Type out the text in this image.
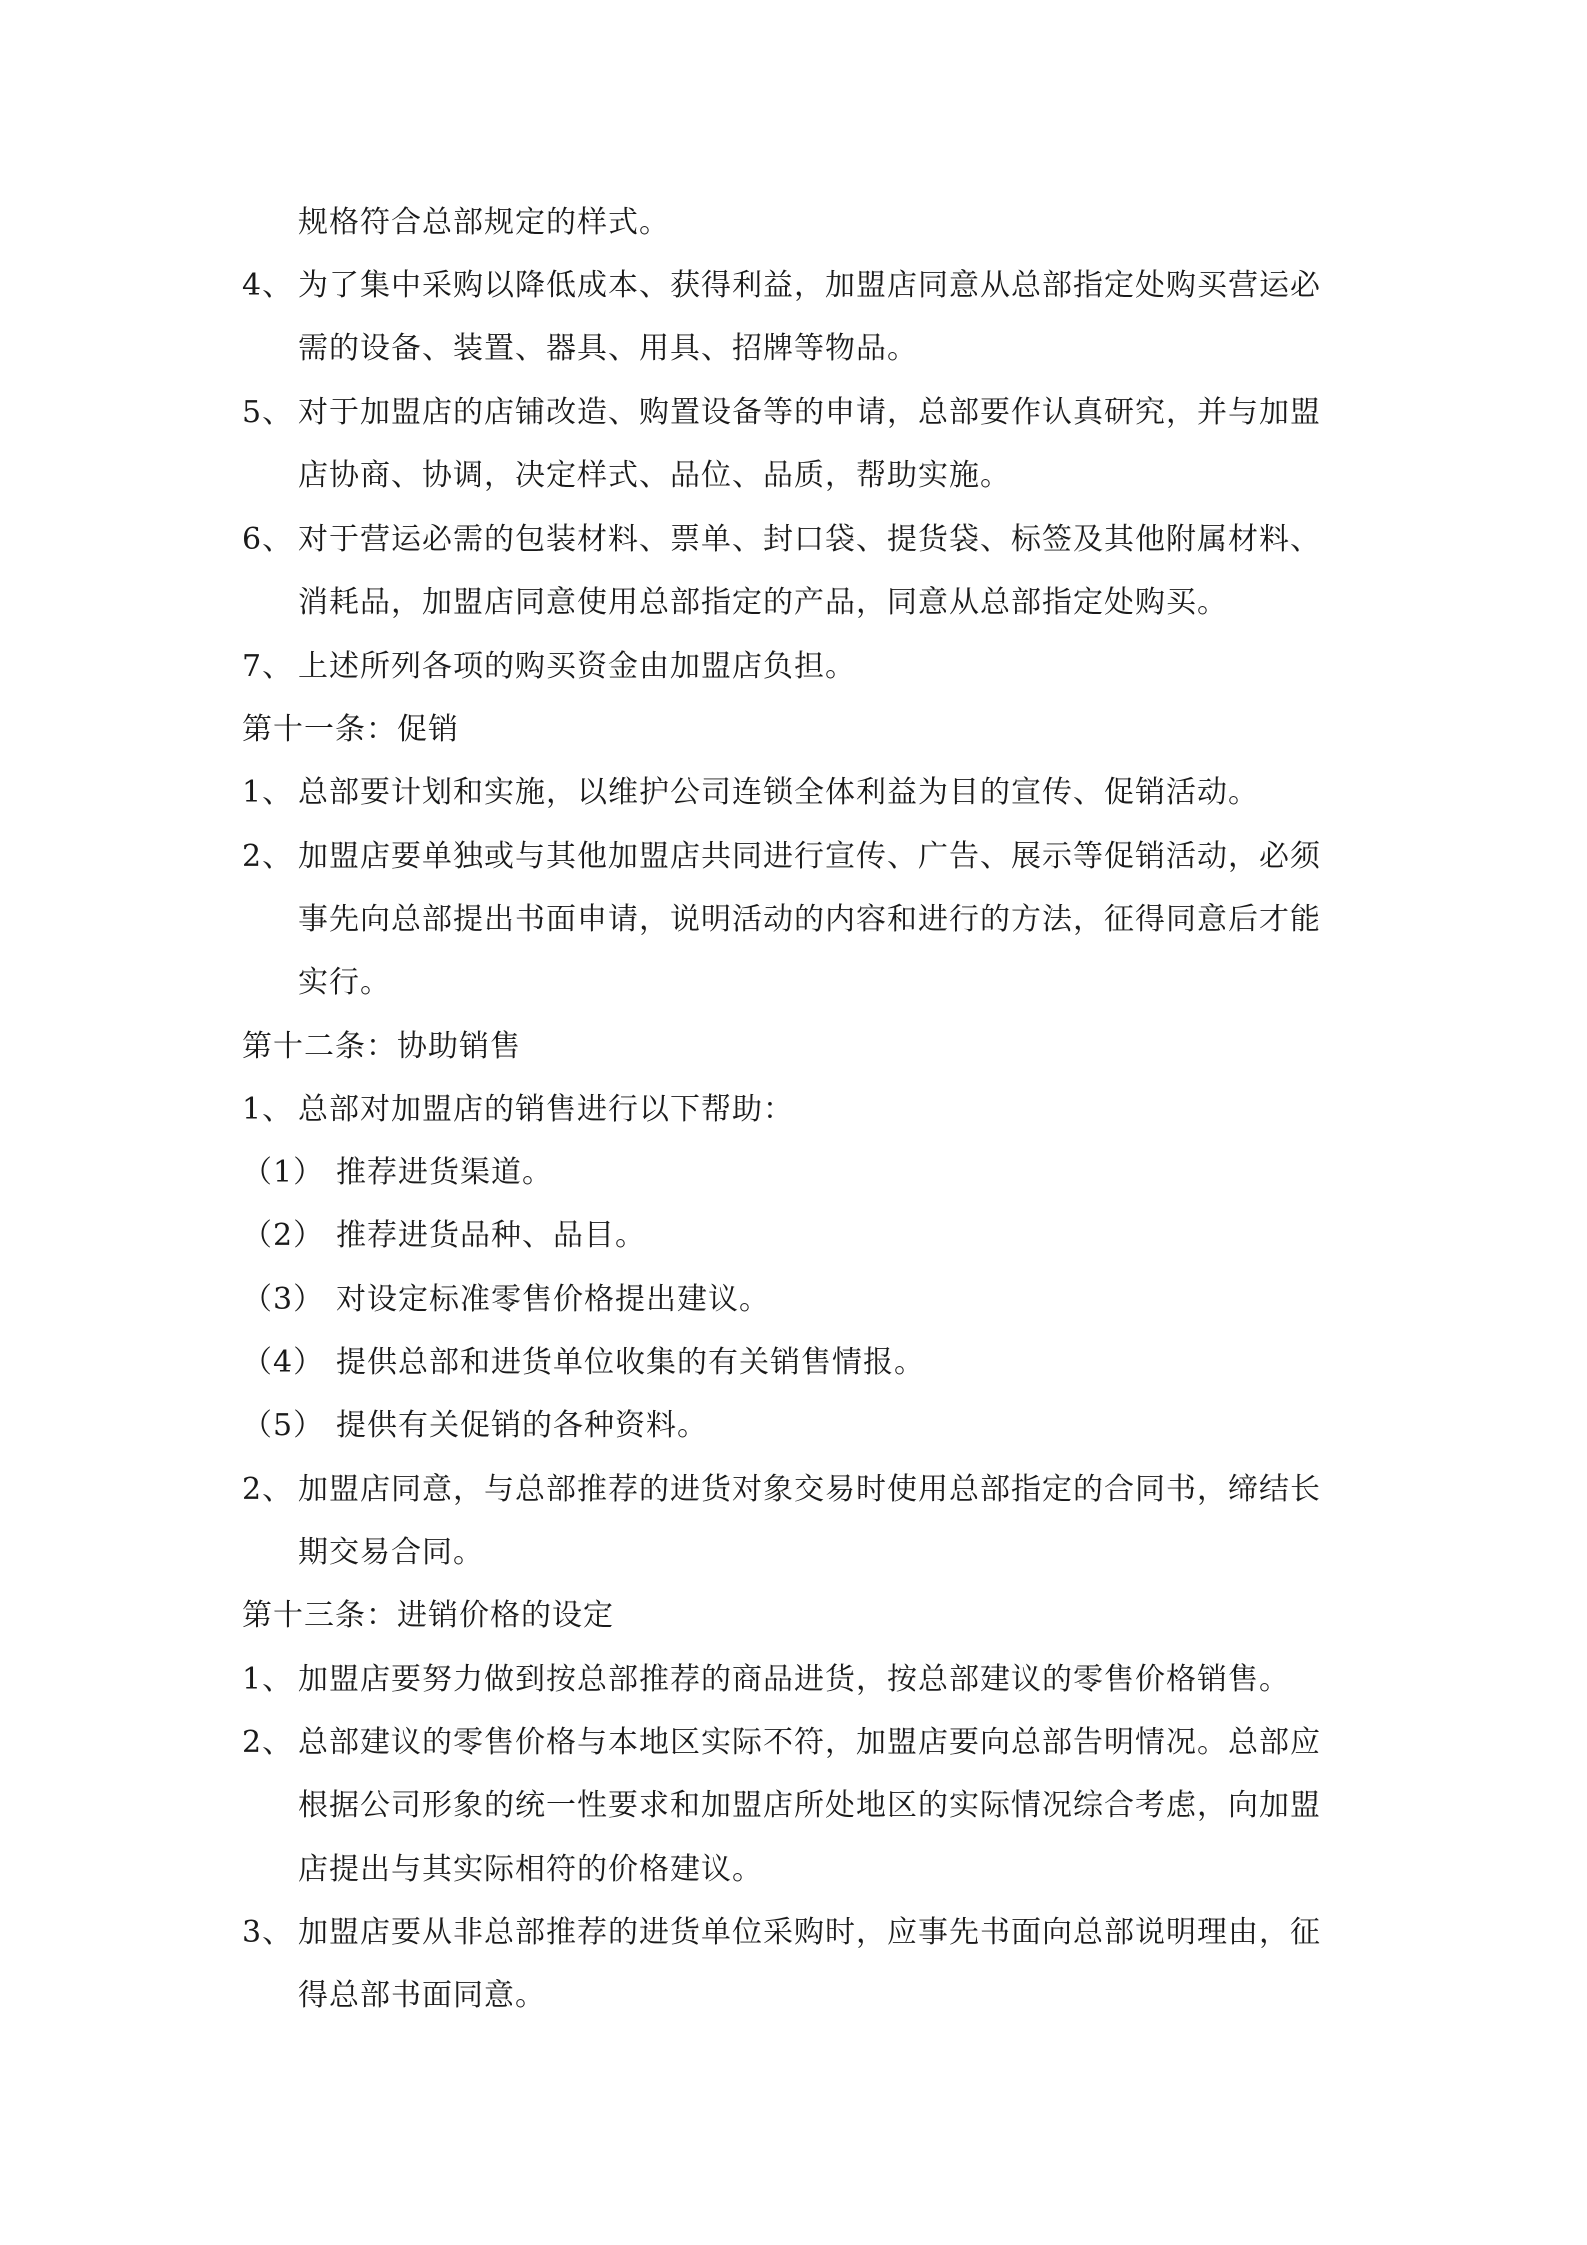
规格符合总部规定的样式。
4、 为了集中采购以降低成本、获得利益，加盟店同意从总部指定处购买营运必
需的设备、装置、器具、用具、招牌等物品。
5、 对于加盟店的店铺改造、购置设备等的申请，总部要作认真研究，并与加盟
店协商、协调，决定样式、品位、品质，帮助实施。
6、 对于营运必需的包装材料、票单、封口袋、提货袋、标签及其他附属材料、
消耗品，加盟店同意使用总部指定的产品，同意从总部指定处购买。
7、 上述所列各项的购买资金由加盟店负担。
第十一条：促销
1、 总部要计划和实施，以维护公司连锁全体利益为目的宣传、促销活动。
2、 加盟店要单独或与其他加盟店共同进行宣传、广告、展示等促销活动，必须
事先向总部提出书面申请，说明活动的内容和进行的方法，征得同意后才能
实行。
第十二条：协助销售
1、 总部对加盟店的销售进行以下帮助：
（1） 推荐进货渠道。
（2） 推荐进货品种、品目。
（3） 对设定标准零售价格提出建议。
（4） 提供总部和进货单位收集的有关销售情报。
（5） 提供有关促销的各种资料。
2、 加盟店同意，与总部推荐的进货对象交易时使用总部指定的合同书，缔结长
期交易合同。
第十三条：进销价格的设定
1、 加盟店要努力做到按总部推荐的商品进货，按总部建议的零售价格销售。
2、 总部建议的零售价格与本地区实际不符，加盟店要向总部告明情况。总部应
根据公司形象的统一性要求和加盟店所处地区的实际情况综合考虑，向加盟
店提出与其实际相符的价格建议。
3、 加盟店要从非总部推荐的进货单位采购时，应事先书面向总部说明理由，征
得总部书面同意。
